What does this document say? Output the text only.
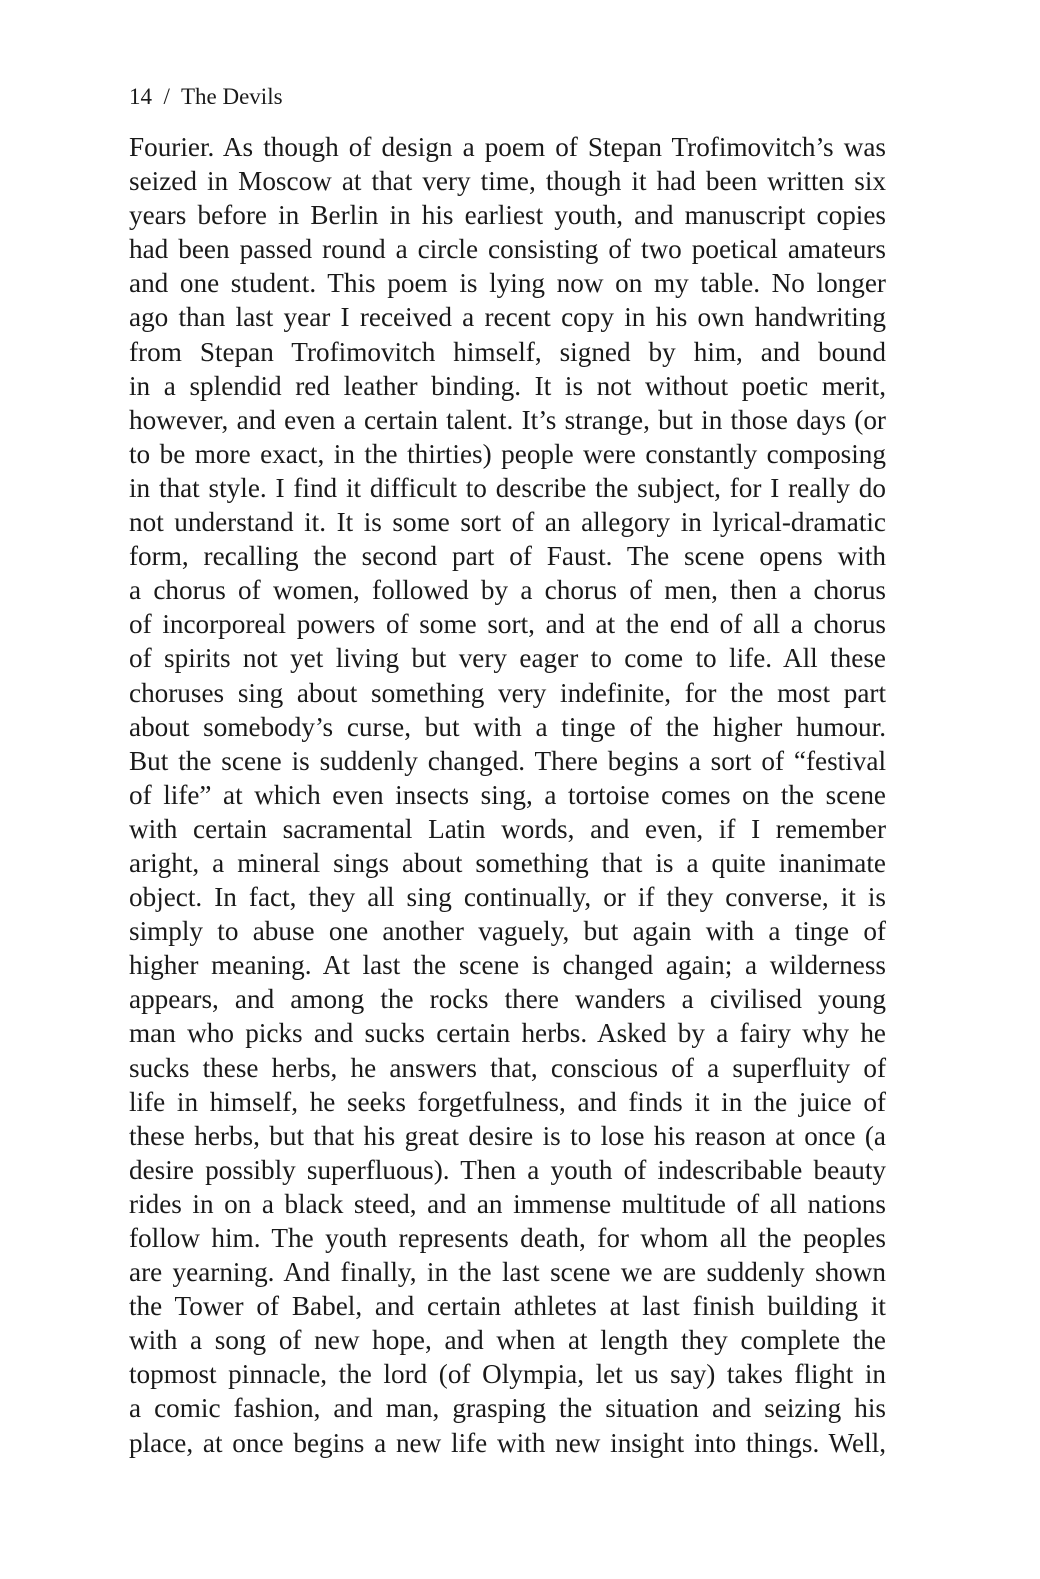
14 / The Devils
Fourier. As though of design a poem of Stepan Trofimovitch’s was
seized in Moscow at that very time, though it had been written six
years before in Berlin in his earliest youth, and manuscript copies
had been passed round a circle consisting of two poetical amateurs
and one student. This poem is lying now on my table. No longer
ago than last year I received a recent copy in his own handwriting
from Stepan Trofimovitch himself, signed by him, and bound
in a splendid red leather binding. It is not without poetic merit,
however, and even a certain talent. It’s strange, but in those days (or
to be more exact, in the thirties) people were constantly composing
in that style. I find it difficult to describe the subject, for I really do
not understand it. It is some sort of an allegory in lyrical-dramatic
form, recalling the second part of Faust. The scene opens with
a chorus of women, followed by a chorus of men, then a chorus
of incorporeal powers of some sort, and at the end of all a chorus
of spirits not yet living but very eager to come to life. All these
choruses sing about something very indefinite, for the most part
about somebody’s curse, but with a tinge of the higher humour.
But the scene is suddenly changed. There begins a sort of “festival
of life” at which even insects sing, a tortoise comes on the scene
with certain sacramental Latin words, and even, if I remember
aright, a mineral sings about something that is a quite inanimate
object. In fact, they all sing continually, or if they converse, it is
simply to abuse one another vaguely, but again with a tinge of
higher meaning. At last the scene is changed again; a wilderness
appears, and among the rocks there wanders a civilised young
man who picks and sucks certain herbs. Asked by a fairy why he
sucks these herbs, he answers that, conscious of a superfluity of
life in himself, he seeks forgetfulness, and finds it in the juice of
these herbs, but that his great desire is to lose his reason at once (a
desire possibly superfluous). Then a youth of indescribable beauty
rides in on a black steed, and an immense multitude of all nations
follow him. The youth represents death, for whom all the peoples
are yearning. And finally, in the last scene we are suddenly shown
the Tower of Babel, and certain athletes at last finish building it
with a song of new hope, and when at length they complete the
topmost pinnacle, the lord (of Olympia, let us say) takes flight in
a comic fashion, and man, grasping the situation and seizing his
place, at once begins a new life with new insight into things. Well,
